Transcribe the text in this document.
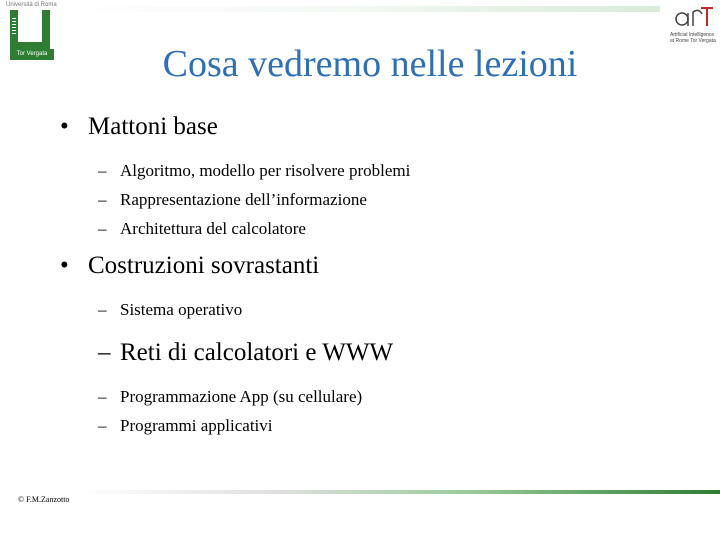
Università di Roma
Tor Vergata
Artificial Intelligence at Rome Tor Vergata
Cosa vedremo nelle lezioni
• Mattoni base
– Algoritmo, modello per risolvere problemi
– Rappresentazione dell’informazione
– Architettura del calcolatore
• Costruzioni sovrastanti
– Sistema operativo
– Reti di calcolatori e WWW
– Programmazione App (su cellulare)
– Programmi applicativi
© F.M.Zanzotto
